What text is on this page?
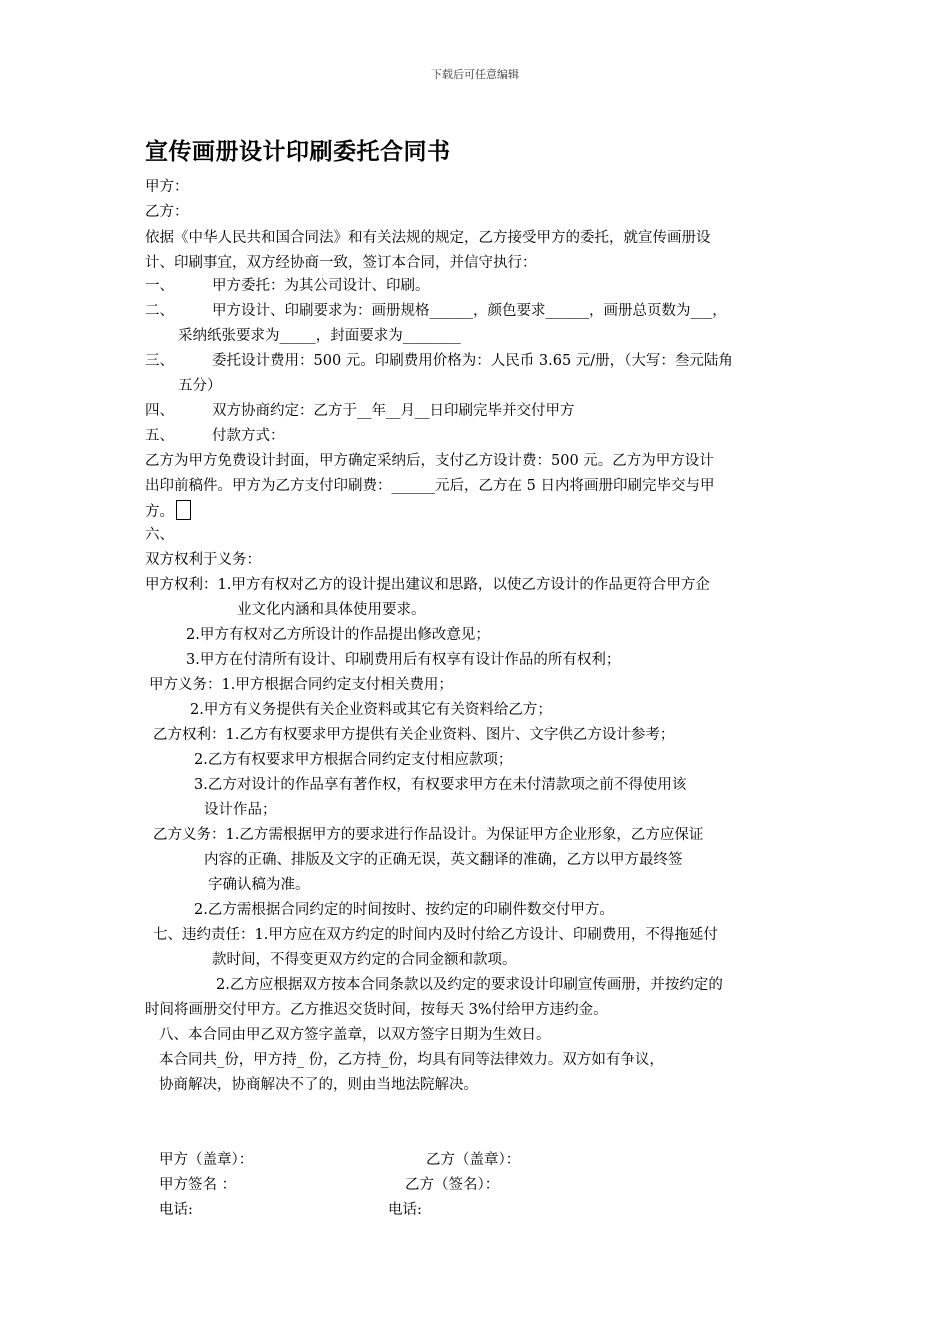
下载后可任意编辑
宣传画册设计印刷委托合同书
甲方：
乙方：
依据《中华人民共和国合同法》和有关法规的规定，乙方接受甲方的委托，就宣传画册设
计、印刷事宜，双方经协商一致，签订本合同，并信守执行：
一、	甲方委托：为其公司设计、印刷。
二、	甲方设计、印刷要求为：画册规格______，颜色要求______，画册总页数为___，
采纳纸张要求为_____，封面要求为________
三、	委托设计费用：500 元。印刷费用价格为：人民币 3.65 元/册，（大写：叁元陆角
五分）
四、	双方协商约定：乙方于__年__月__日印刷完毕并交付甲方
五、	付款方式：
乙方为甲方免费设计封面，甲方确定采纳后，支付乙方设计费：500 元。乙方为甲方设计
出印前稿件。甲方为乙方支付印刷费：______元后，乙方在 5 日内将画册印刷完毕交与甲
方。
六、
双方权利于义务：
甲方权利：1.甲方有权对乙方的设计提出建议和思路，以使乙方设计的作品更符合甲方企
业文化内涵和具体使用要求。
2.甲方有权对乙方所设计的作品提出修改意见；
3.甲方在付清所有设计、印刷费用后有权享有设计作品的所有权利；
甲方义务：1.甲方根据合同约定支付相关费用；
2.甲方有义务提供有关企业资料或其它有关资料给乙方；
乙方权利：1.乙方有权要求甲方提供有关企业资料、图片、文字供乙方设计参考；
2.乙方有权要求甲方根据合同约定支付相应款项；
3.乙方对设计的作品享有著作权，有权要求甲方在未付清款项之前不得使用该
设计作品；
乙方义务：1.乙方需根据甲方的要求进行作品设计。为保证甲方企业形象，乙方应保证
内容的正确、排版及文字的正确无误，英文翻译的准确，乙方以甲方最终签
字确认稿为准。
2.乙方需根据合同约定的时间按时、按约定的印刷件数交付甲方。
七、违约责任：1.甲方应在双方约定的时间内及时付给乙方设计、印刷费用，不得拖延付
款时间，不得变更双方约定的合同金额和款项。
2.乙方应根据双方按本合同条款以及约定的要求设计印刷宣传画册，并按约定的
时间将画册交付甲方。乙方推迟交货时间，按每天 3%付给甲方违约金。
八、本合同由甲乙双方签字盖章，以双方签字日期为生效日。
本合同共_份，甲方持_ 份，乙方持_份，均具有同等法律效力。双方如有争议，
协商解决，协商解决不了的，则由当地法院解决。
甲方（盖章）：	乙方（盖章）：
甲方签名 ：	乙方（签名）：
电话:	电话:
